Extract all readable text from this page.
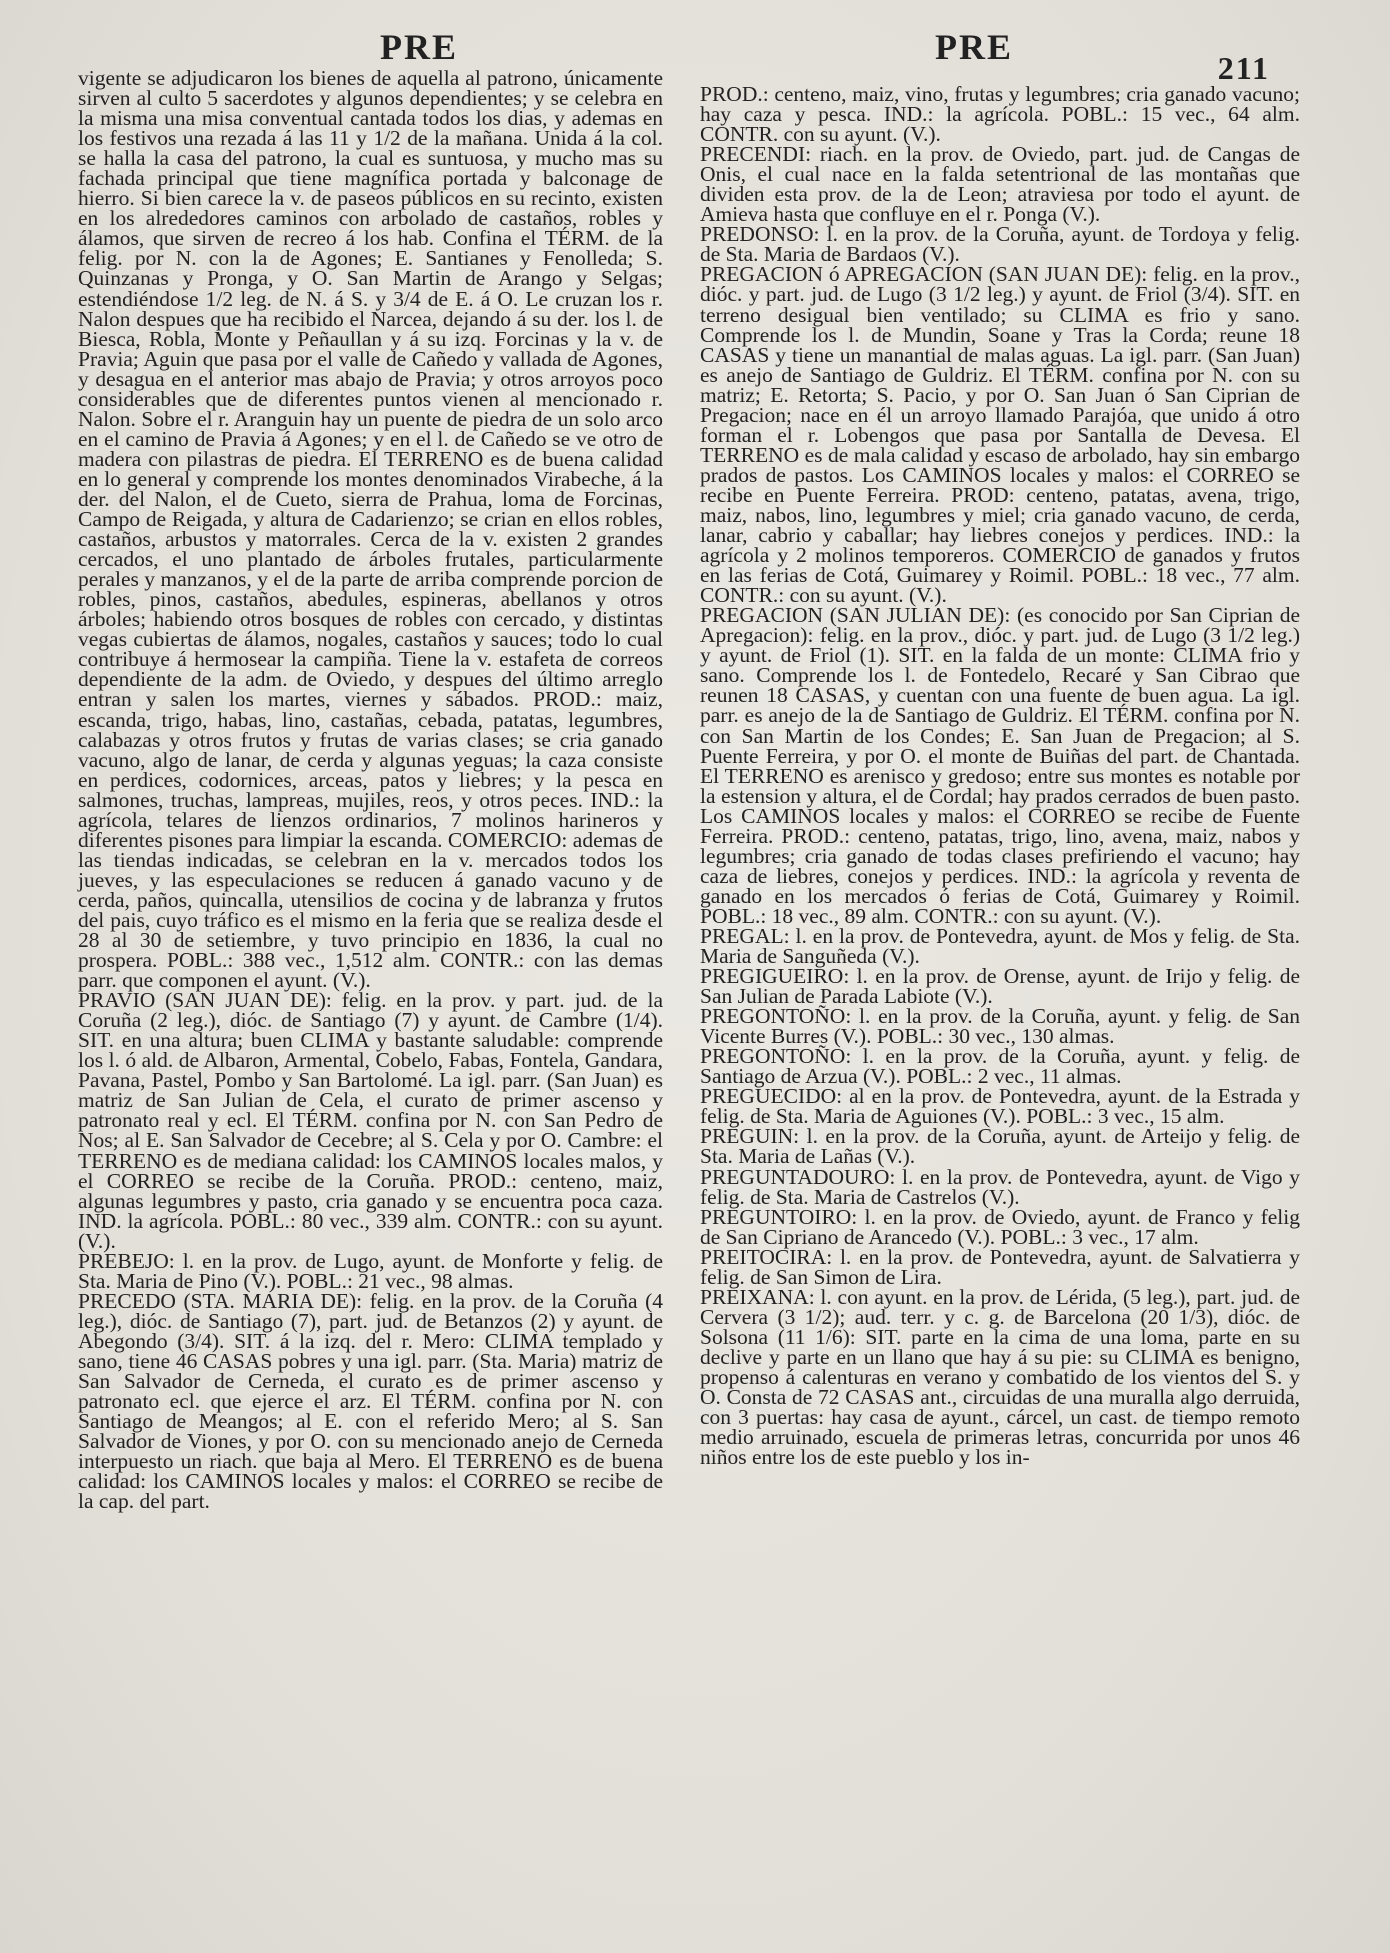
PRE	PRE
211

vigente se adjudicaron los bienes de aquella al patrono, únicamente sirven al culto 5 sacerdotes y algunos dependientes; y se celebra en la misma una misa conventual cantada todos los dias, y ademas en los festivos una rezada á las 11 y 1/2 de la mañana. Unida á la col. se halla la casa del patrono, la cual es suntuosa, y mucho mas su fachada principal que tiene magnífica portada y balconage de hierro. Si bien carece la v. de paseos públicos en su recinto, existen en los alrededores caminos con arbolado de castaños, robles y álamos, que sirven de recreo á los hab. Confina el TÉRM. de la felig. por N. con la de Agones; E. Santianes y Fenolleda; S. Quinzanas y Pronga, y O. San Martin de Arango y Selgas; estendiéndose 1/2 leg. de N. á S. y 3/4 de E. á O. Le cruzan los r. Nalon despues que ha recibido el Narcea, dejando á su der. los l. de Biesca, Robla, Monte y Peñaullan y á su izq. Forcinas y la v. de Pravia; Aguin que pasa por el valle de Cañedo y vallada de Agones, y desagua en el anterior mas abajo de Pravia; y otros arroyos poco considerables que de diferentes puntos vienen al mencionado r. Nalon. Sobre el r. Aranguin hay un puente de piedra de un solo arco en el camino de Pravia á Agones; y en el l. de Cañedo se ve otro de madera con pilastras de piedra. El TERRENO es de buena calidad en lo general y comprende los montes denominados Virabeche, á la der. del Nalon, el de Cueto, sierra de Prahua, loma de Forcinas, Campo de Reigada, y altura de Cadarienzo; se crian en ellos robles, castaños, arbustos y matorrales. Cerca de la v. existen 2 grandes cercados, el uno plantado de árboles frutales, particularmente perales y manzanos, y el de la parte de arriba comprende porcion de robles, pinos, castaños, abedules, espineras, abellanos y otros árboles; habiendo otros bosques de robles con cercado, y distintas vegas cubiertas de álamos, nogales, castaños y sauces; todo lo cual contribuye á hermosear la campiña. Tiene la v. estafeta de correos dependiente de la adm. de Oviedo, y despues del último arreglo entran y salen los martes, viernes y sábados. PROD.: maiz, escanda, trigo, habas, lino, castañas, cebada, patatas, legumbres, calabazas y otros frutos y frutas de varias clases; se cria ganado vacuno, algo de lanar, de cerda y algunas yeguas; la caza consiste en perdices, codornices, arceas, patos y liebres; y la pesca en salmones, truchas, lampreas, mujiles, reos, y otros peces. IND.: la agrícola, telares de lienzos ordinarios, 7 molinos harineros y diferentes pisones para limpiar la escanda. COMERCIO: ademas de las tiendas indicadas, se celebran en la v. mercados todos los jueves, y las especulaciones se reducen á ganado vacuno y de cerda, paños, quincalla, utensilios de cocina y de labranza y frutos del pais, cuyo tráfico es el mismo en la feria que se realiza desde el 28 al 30 de setiembre, y tuvo principio en 1836, la cual no prospera. POBL.: 388 vec., 1,512 alm. CONTR.: con las demas parr. que componen el ayunt. (V.).

PRAVIO (SAN JUAN DE): felig. en la prov. y part. jud. de la Coruña (2 leg.), dióc. de Santiago (7) y ayunt. de Cambre (1/4). SIT. en una altura; buen CLIMA y bastante saludable: comprende los l. ó ald. de Albaron, Armental, Cobelo, Fabas, Fontela, Gandara, Pavana, Pastel, Pombo y San Bartolomé. La igl. parr. (San Juan) es matriz de San Julian de Cela, el curato de primer ascenso y patronato real y ecl. El TÉRM. confina por N. con San Pedro de Nos; al E. San Salvador de Cecebre; al S. Cela y por O. Cambre: el TERRENO es de mediana calidad: los CAMINOS locales malos, y el CORREO se recibe de la Coruña. PROD.: centeno, maiz, algunas legumbres y pasto, cria ganado y se encuentra poca caza. IND. la agrícola. POBL.: 80 vec., 339 alm. CONTR.: con su ayunt. (V.).

PREBEJO: l. en la prov. de Lugo, ayunt. de Monforte y felig. de Sta. Maria de Pino (V.). POBL.: 21 vec., 98 almas.

PRECEDO (STA. MARIA DE): felig. en la prov. de la Coruña (4 leg.), dióc. de Santiago (7), part. jud. de Betanzos (2) y ayunt. de Abegondo (3/4). SIT. á la izq. del r. Mero: CLIMA templado y sano, tiene 46 CASAS pobres y una igl. parr. (Sta. Maria) matriz de San Salvador de Cerneda, el curato es de primer ascenso y patronato ecl. que ejerce el arz. El TÉRM. confina por N. con Santiago de Meangos; al E. con el referido Mero; al S. San Salvador de Viones, y por O. con su mencionado anejo de Cerneda interpuesto un riach. que baja al Mero. El TERRENO es de buena calidad: los CAMINOS locales y malos: el CORREO se recibe de la cap. del part.

PROD.: centeno, maiz, vino, frutas y legumbres; cria ganado vacuno; hay caza y pesca. IND.: la agrícola. POBL.: 15 vec., 64 alm. CONTR. con su ayunt. (V.).

PRECENDI: riach. en la prov. de Oviedo, part. jud. de Cangas de Onis, el cual nace en la falda setentrional de las montañas que dividen esta prov. de la de Leon; atraviesa por todo el ayunt. de Amieva hasta que confluye en el r. Ponga (V.).

PREDONSO: l. en la prov. de la Coruña, ayunt. de Tordoya y felig. de Sta. Maria de Bardaos (V.).

PREGACION ó APREGACION (SAN JUAN DE): felig. en la prov., dióc. y part. jud. de Lugo (3 1/2 leg.) y ayunt. de Friol (3/4). SIT. en terreno desigual bien ventilado; su CLIMA es frio y sano. Comprende los l. de Mundin, Soane y Tras la Corda; reune 18 CASAS y tiene un manantial de malas aguas. La igl. parr. (San Juan) es anejo de Santiago de Guldriz. El TÉRM. confina por N. con su matriz; E. Retorta; S. Pacio, y por O. San Juan ó San Ciprian de Pregacion; nace en él un arroyo llamado Parajóa, que unido á otro forman el r. Lobengos que pasa por Santalla de Devesa. El TERRENO es de mala calidad y escaso de arbolado, hay sin embargo prados de pastos. Los CAMINOS locales y malos: el CORREO se recibe en Puente Ferreira. PROD: centeno, patatas, avena, trigo, maiz, nabos, lino, legumbres y miel; cria ganado vacuno, de cerda, lanar, cabrio y caballar; hay liebres conejos y perdices. IND.: la agrícola y 2 molinos temporeros. COMERCIO de ganados y frutos en las ferias de Cotá, Guimarey y Roimil. POBL.: 18 vec., 77 alm. CONTR.: con su ayunt. (V.).

PREGACION (SAN JULIAN DE): (es conocido por San Ciprian de Apregacion): felig. en la prov., dióc. y part. jud. de Lugo (3 1/2 leg.) y ayunt. de Friol (1). SIT. en la falda de un monte: CLIMA frio y sano. Comprende los l. de Fontedelo, Recaré y San Cibrao que reunen 18 CASAS, y cuentan con una fuente de buen agua. La igl. parr. es anejo de la de Santiago de Guldriz. El TÉRM. confina por N. con San Martin de los Condes; E. San Juan de Pregacion; al S. Puente Ferreira, y por O. el monte de Buiñas del part. de Chantada. El TERRENO es arenisco y gredoso; entre sus montes es notable por la estension y altura, el de Cordal; hay prados cerrados de buen pasto. Los CAMINOS locales y malos: el CORREO se recibe de Fuente Ferreira. PROD.: centeno, patatas, trigo, lino, avena, maiz, nabos y legumbres; cria ganado de todas clases prefiriendo el vacuno; hay caza de liebres, conejos y perdices. IND.: la agrícola y reventa de ganado en los mercados ó ferias de Cotá, Guimarey y Roimil. POBL.: 18 vec., 89 alm. CONTR.: con su ayunt. (V.).

PREGAL: l. en la prov. de Pontevedra, ayunt. de Mos y felig. de Sta. Maria de Sanguñeda (V.).

PREGIGUEIRO: l. en la prov. de Orense, ayunt. de Irijo y felig. de San Julian de Parada Labiote (V.).

PREGONTOÑO: l. en la prov. de la Coruña, ayunt. y felig. de San Vicente Burres (V.). POBL.: 30 vec., 130 almas.

PREGONTOÑO: l. en la prov. de la Coruña, ayunt. y felig. de Santiago de Arzua (V.). POBL.: 2 vec., 11 almas.

PREGUECIDO: al en la prov. de Pontevedra, ayunt. de la Estrada y felig. de Sta. Maria de Aguiones (V.). POBL.: 3 vec., 15 alm.

PREGUIN: l. en la prov. de la Coruña, ayunt. de Arteijo y felig. de Sta. Maria de Lañas (V.).

PREGUNTADOURO: l. en la prov. de Pontevedra, ayunt. de Vigo y felig. de Sta. Maria de Castrelos (V.).

PREGUNTOIRO: l. en la prov. de Oviedo, ayunt. de Franco y felig de San Cipriano de Arancedo (V.). POBL.: 3 vec., 17 alm.

PREITOCIRA: l. en la prov. de Pontevedra, ayunt. de Salvatierra y felig. de San Simon de Lira.

PREIXANA: l. con ayunt. en la prov. de Lérida, (5 leg.), part. jud. de Cervera (3 1/2); aud. terr. y c. g. de Barcelona (20 1/3), dióc. de Solsona (11 1/6): SIT. parte en la cima de una loma, parte en su declive y parte en un llano que hay á su pie: su CLIMA es benigno, propenso á calenturas en verano y combatido de los vientos del S. y O. Consta de 72 CASAS ant., circuidas de una muralla algo derruida, con 3 puertas: hay casa de ayunt., cárcel, un cast. de tiempo remoto medio arruinado, escuela de primeras letras, concurrida por unos 46 niños entre los de este pueblo y los in-
